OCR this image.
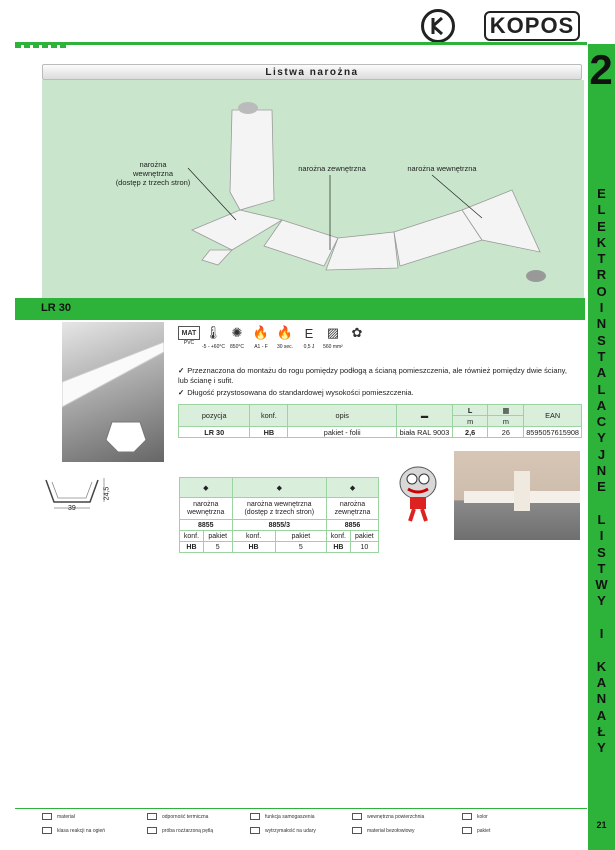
KOPOS
2
E
L
E
K
T
R
O
I
N
S
T
A
L
A
C
Y
J
N
E
L
I
S
T
W
Y
I
K
A
N
A
Ł
Y
Listwa narożna
narożna
wewnętrzna
(dostęp z trzech stron)
narożna zewnętrzna	narożna wewnętrzna
LR 30
MAT
PVC
🌡
-5 - +60°C
✺
850°C
🔥
A1 - F
🔥
30 sec.
E
0,5 J
▨
560 mm²
✿

✓ Przeznaczona do montażu do rogu pomiędzy podłogą a ścianą pomieszczenia, ale również pomiędzy dwie ściany, lub ścianę i sufit.

✓ Długość przystosowana do standardowej wysokości pomieszczenia.

pozycja	konf.	opis	▬	L	▦	EAN
				m	m	
LR 30	HB	pakiet - folii	biała RAL 9003	2,6	26	8595057615908
39
24,5	◆		◆		◆	
narożna
wewnętrzna		narożna wewnętrzna
(dostęp z trzech stron)		narożna
zewnętrzna	
8855		8855/3		8856	
konf.	pakiet	konf.	pakiet	konf.	pakiet
HB	5	HB	5	HB	10
materiał	odporność termiczna	funkcja samogaszenia	wewnętrzna powierzchnia	kolor
klasa reakcji na ogień	próba rozżarzoną pętlą	wytrzymałość na udary	materiał bezołowiowy	pakiet
21
